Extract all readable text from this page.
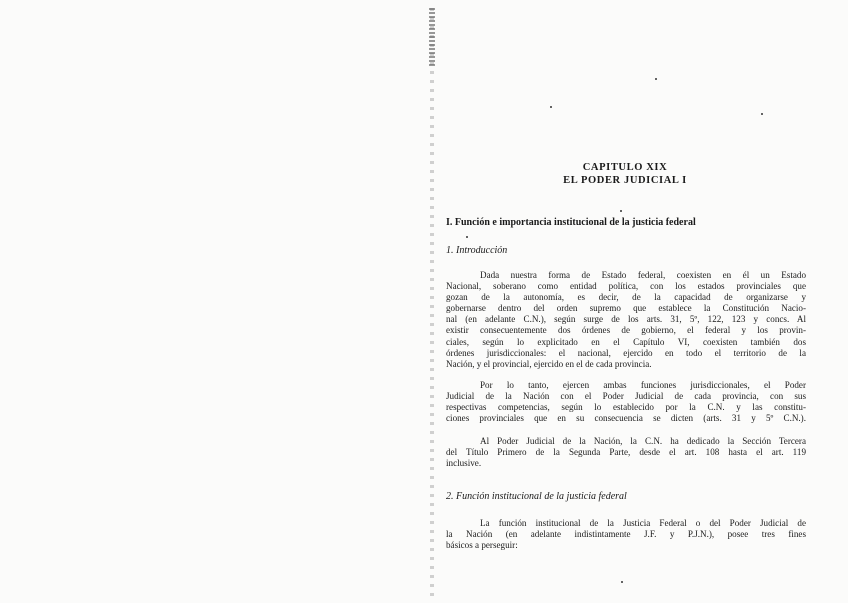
CAPITULO XIX
EL PODER JUDICIAL I
I. Función e importancia institucional de la justicia federal
1. Introducción
Dada nuestra forma de Estado federal, coexisten en él un Estado
Nacional, soberano como entidad política, con los estados provinciales que
gozan de la autonomía, es decir, de la capacidad de organizarse y
gobernarse dentro del orden supremo que establece la Constitución Nacio-
nal (en adelante C.N.), según surge de los arts. 31, 5º, 122, 123 y concs. Al
existir consecuentemente dos órdenes de gobierno, el federal y los provin-
ciales, según lo explicitado en el Capítulo VI, coexisten también dos
órdenes jurisdiccionales: el nacional, ejercido en todo el territorio de la
Nación, y el provincial, ejercido en el de cada provincia.
Por lo tanto, ejercen ambas funciones jurisdiccionales, el Poder
Judicial de la Nación con el Poder Judicial de cada provincia, con sus
respectivas competencias, según lo establecido por la C.N. y las constitu-
ciones provinciales que en su consecuencia se dicten (arts. 31 y 5º C.N.).
Al Poder Judicial de la Nación, la C.N. ha dedicado la Sección Tercera
del Título Primero de la Segunda Parte, desde el art. 108 hasta el art. 119
inclusive.
2. Función institucional de la justicia federal
La función institucional de la Justicia Federal o del Poder Judicial de
la Nación (en adelante indistintamente J.F. y P.J.N.), posee tres fines
básicos a perseguir:
